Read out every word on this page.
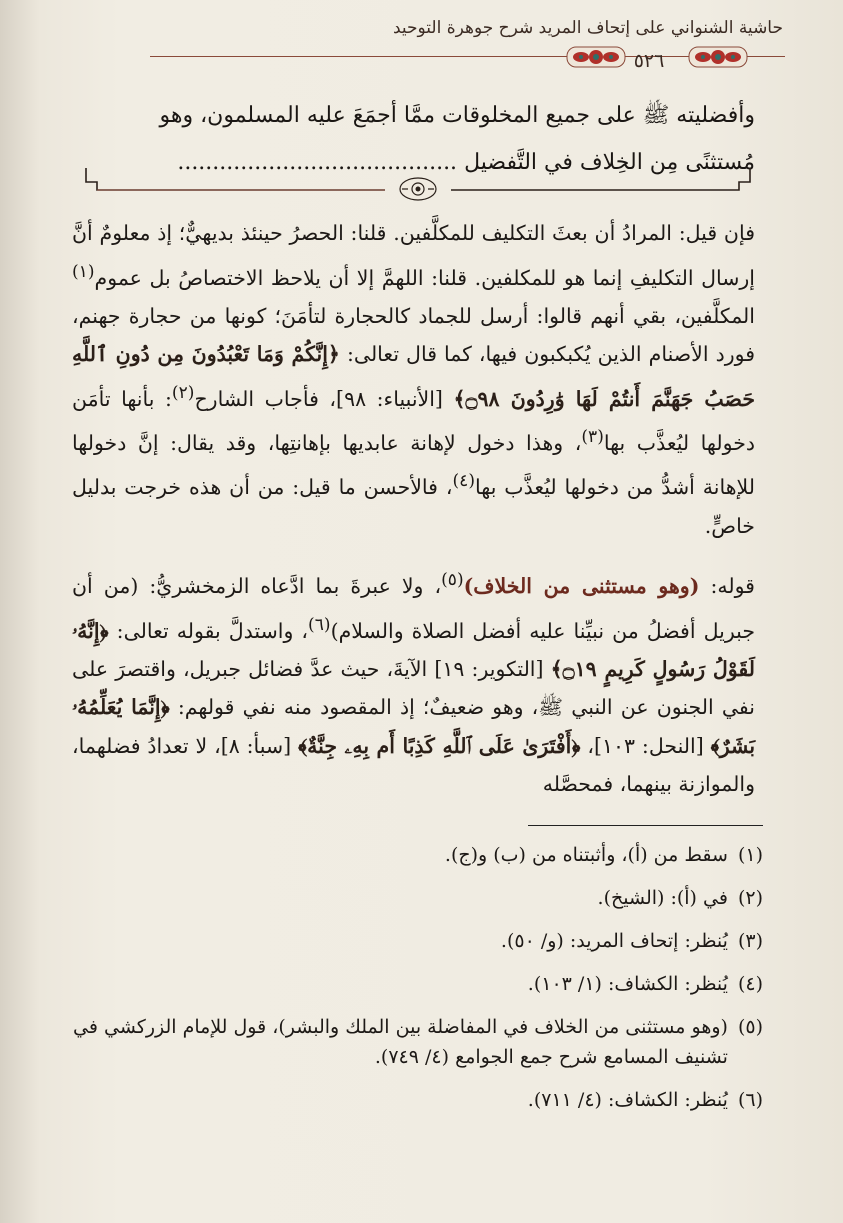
حاشية الشنواني على إتحاف المريد شرح جوهرة التوحيد
٥٢٦
وأفضليته ﷺ على جميع المخلوقات ممَّا أجمَعَ عليه المسلمون، وهو
مُستثنًى مِن الخِلاف في التَّفضيل ........................................

فإن قيل: المرادُ أن بعثَ التكليف للمكلَّفين. قلنا: الحصرُ حينئذ بديهيٌّ؛ إذ معلومٌ أنَّ إرسال التكليفِ إنما هو للمكلفين. قلنا: اللهمَّ إلا أن يلاحظ الاختصاصُ بل عموم$^{(١)}$ المكلَّفين، بقي أنهم قالوا: أرسل للجماد كالحجارة لتأمَنَ؛ كونها من حجارة جهنم، فورد الأصنام الذين يُكبكبون فيها، كما قال تعالى: ﴿إِنَّكُمْ وَمَا تَعْبُدُونَ مِن دُونِ ٱللَّهِ حَصَبُ جَهَنَّمَ أَنتُمْ لَهَا وَٰرِدُونَ ۝٩٨﴾ [الأنبياء: ٩٨]، فأجاب الشارح$^{(٢)}$: بأنها تأمَن دخولها ليُعذَّب بها$^{(٣)}$، وهذا دخول لإهانة عابديها بإهانتِها، وقد يقال: إنَّ دخولها للإهانة أشدُّ من دخولها ليُعذَّب بها$^{(٤)}$، فالأحسن ما قيل: من أن هذه خرجت بدليل خاصٍّ.

قوله: (وهو مستثنى من الخلاف)$^{(٥)}$، ولا عبرةَ بما ادَّعاه الزمخشريُّ: (من أن جبريل أفضلُ من نبيِّنا عليه أفضل الصلاة والسلام)$^{(٦)}$، واستدلَّ بقوله تعالى: ﴿إِنَّهُۥ لَقَوْلُ رَسُولٍ كَرِيمٍ ۝١٩﴾ [التكوير: ١٩] الآيةَ، حيث عدَّ فضائل جبريل، واقتصرَ على نفي الجنون عن النبي ﷺ، وهو ضعيفٌ؛ إذ المقصود منه نفي قولهم: ﴿إِنَّمَا يُعَلِّمُهُۥ بَشَرٌ﴾ [النحل: ١٠٣]، ﴿أَفْتَرَىٰ عَلَى ٱللَّهِ كَذِبًا أَم بِهِۦ جِنَّةٌ﴾ [سبأ: ٨]، لا تعدادُ فضلهما، والموازنة بينهما، فمحصَّله

(١)
سقط من (أ)، وأثبتناه من (ب) و(ج).
(٢)
في (أ): (الشيخ).
(٣)
يُنظر: إتحاف المريد: (و/ ٥٠).
(٤)
يُنظر: الكشاف: (١/ ١٠٣).
(٥)
(وهو مستثنى من الخلاف في المفاضلة بين الملك والبشر)، قول للإمام الزركشي في تشنيف المسامع شرح جمع الجوامع (٤/ ٧٤٩).
(٦)
يُنظر: الكشاف: (٤/ ٧١١).
